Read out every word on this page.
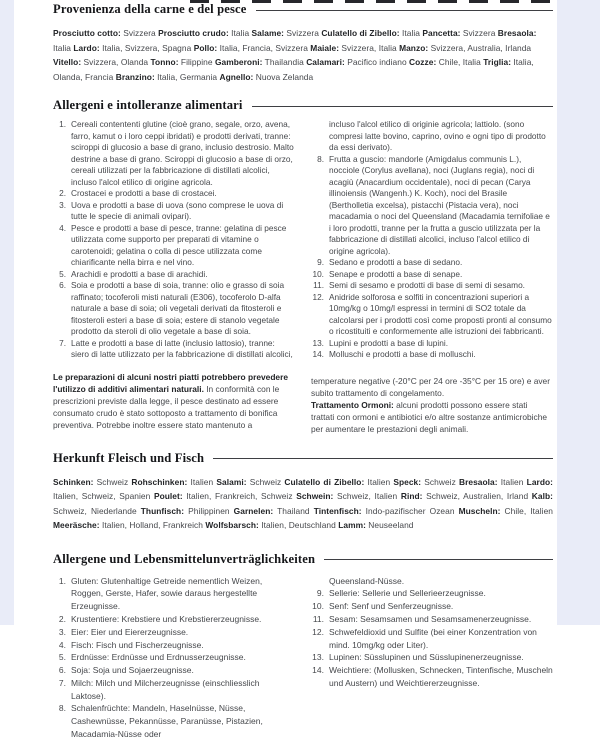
Provenienza della carne e del pesce
Prosciutto cotto: Svizzera Prosciutto crudo: Italia Salame: Svizzera Culatello di Zibello: Italia Pancetta: Svizzera Bresaola: Italia Lardo: Italia, Svizzera, Spagna Pollo: Italia, Francia, Svizzera Maiale: Svizzera, Italia Manzo: Svizzera, Australia, Irlanda Vitello: Svizzera, Olanda Tonno: Filippine Gamberoni: Thailandia Calamari: Pacifico indiano Cozze: Chile, Italia Triglia: Italia, Olanda, Francia Branzino: Italia, Germania Agnello: Nuova Zelanda
Allergeni e intolleranze alimentari
1. Cereali contententi glutine (cioè grano, segale, orzo, avena, farro, kamut o i loro ceppi ibridati) e prodotti derivati, tranne: sciroppi di glucosio a base di grano, inclusio destrosio. Malto destrine a base di grano. Sciroppi di glucosio a base di orzo, cereali utilizzati per la fabbricazione di distillati alcolici, incluso l'alcol etilico di origine agricola.
2. Crostacei e prodotti a base di crostacei.
3. Uova e prodotti a base di uova (sono comprese le uova di tutte le specie di animali ovipari).
4. Pesce e prodotti a base di pesce, tranne: gelatina di pesce utilizzata come supporto per preparati di vitamine o carotenoidi; gelatina o colla di pesce utilizzata come chiarificante nella birra e nel vino.
5. Arachidi e prodotti a base di arachidi.
6. Soia e prodotti a base di soia, tranne: olio e grasso di soia raffinato; tocoferoli misti naturali (E306), tocoferolo D-alfa naturale a base di soia; oli vegetali derivati da fitosteroli e fitosteroli esteri a base di soia; estere di stanolo vegetale prodotto da steroli di olio vegetale a base di soia.
7. Latte e prodotti a base di latte (inclusio lattosio), tranne: siero di latte utilizzato per la fabbricazione di distillati alcolici,
Le preparazioni di alcuni nostri piatti potrebbero prevedere l'utilizzo di additivi alimentari naturali. In conformità con le prescrizioni previste dalla legge, il pesce destinato ad essere consumato crudo è stato sottoposto a trattamento di bonifica preventiva. Potrebbe inoltre essere stato mantenuto a
incluso l'alcol etilico di originie agricola; lattiolo. (sono compresi latte bovino, caprino, ovino e ogni tipo di prodotto da essi derivato).
8. Frutta a guscio: mandorle (Amigdalus communis L.), nocciole (Corylus avellana), noci (Juglans regia), noci di acagiù (Anacardium occidentale), noci di pecan (Carya illinoiensis (Wangenh.) K. Koch), noci del Brasile (Bertholletia excelsa), pistacchi (Pistacia vera), noci macadamia o noci del Queensland (Macadamia ternifoliae e i loro prodotti, tranne per la frutta a guscio utilizzata per la fabbricazione di distillati alcolici, incluso l'alcol etilico di origine agricola).
9. Sedano e prodotti a base di sedano.
10. Senape e prodotti a base di senape.
11. Semi di sesamo e prodotti di base di semi di sesamo.
12. Anidride solforosa e solfiti in concentrazioni superiori a 10mg/kg o 10mg/l espressi in termini di SO2 totale da calcolarsi per i prodotti così come proposti pronti al consumo o ricostituiti e conformemente alle istruzioni dei fabbricanti.
13. Lupini e prodotti a base di lupini.
14. Molluschi e prodotti a base di molluschi.
temperature negative (-20°C per 24 ore -35°C per 15 ore) e aver subito trattamento di congelamento.
Trattamento Ormoni: alcuni prodotti possono essere stati trattati con ormoni e antibiotici e/o altre sostanze antimicrobiche per aumentare le prestazioni degli animali.
Herkunft Fleisch und Fisch
Schinken: Schweiz Rohschinken: Italien Salami: Schweiz Culatello di Zibello: Italien Speck: Schweiz Bresaola: Italien Lardo: Italien, Schweiz, Spanien Poulet: Italien, Frankreich, Schweiz Schwein: Schweiz, Italien Rind: Schweiz, Australien, Irland Kalb: Schweiz, Niederlande Thunfisch: Philippinen Garnelen: Thailand Tintenfisch: Indo-pazifischer Ozean Muscheln: Chile, Italien Meeräsche: Italien, Holland, Frankreich Wolfsbarsch: Italien, Deutschland Lamm: Neuseeland
Allergene und Lebensmittelunverträglichkeiten
1. Gluten: Glutenhaltige Getreide nementlich Weizen, Roggen, Gerste, Hafer, sowie daraus hergestellte Erzeugnisse.
2. Krustentiere: Krebstiere und Krebstiererzeugnisse.
3. Eier: Eier und Eiererzeugnisse.
4. Fisch: Fisch und Fischerzeugnisse.
5. Erdnüsse: Erdnüsse und Erdnusserzeugnisse.
6. Soja: Soja und Sojaerzeugnisse.
7. Milch: Milch und Milcherzeugnisse (einschliesslich Laktose).
8. Schalenfrüchte: Mandeln, Haselnüsse, Nüsse, Cashewnüsse, Pekannüsse, Paranüsse, Pistazien, Macadamia-Nüsse oder
Queensland-Nüsse.
9. Sellerie: Sellerie und Sellerieerzeugnisse.
10. Senf: Senf und Senferzeugnisse.
11. Sesam: Sesamsamen und Sesamsamenerzeugnisse.
12. Schwefeldioxid und Sulfite (bei einer Konzentration von mind. 10mg/kg oder Liter).
13. Lupinen: Süsslupinen und Süsslupinenerzeugnisse.
14. Weichtiere: (Mollusken, Schnecken, Tintenfische, Muscheln und Austern) und Weichtiererzeugnisse.
